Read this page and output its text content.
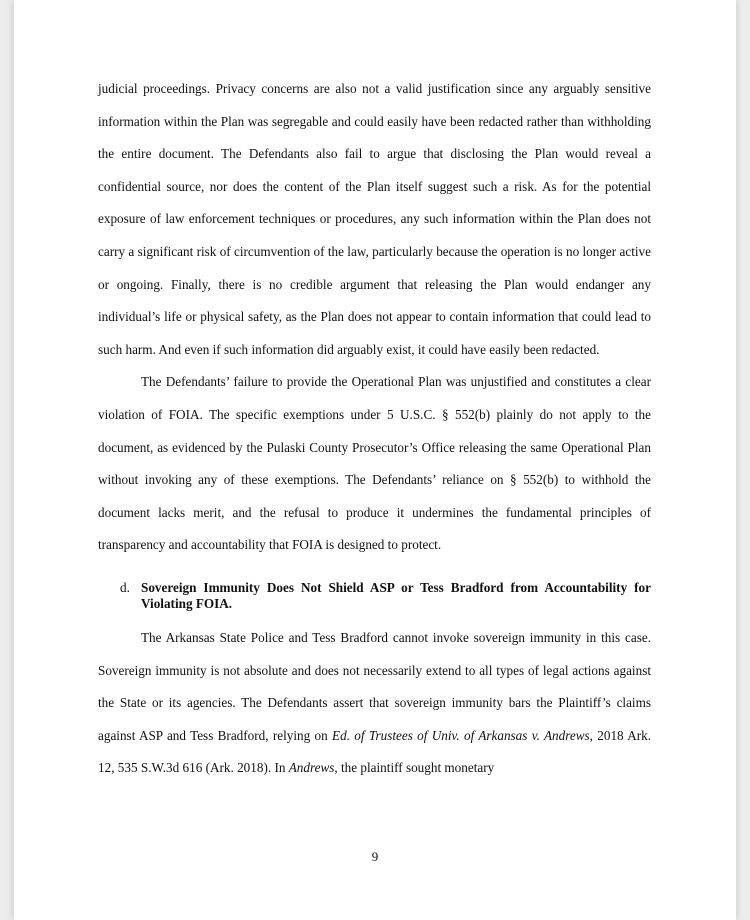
judicial proceedings. Privacy concerns are also not a valid justification since any arguably sensitive information within the Plan was segregable and could easily have been redacted rather than withholding the entire document. The Defendants also fail to argue that disclosing the Plan would reveal a confidential source, nor does the content of the Plan itself suggest such a risk. As for the potential exposure of law enforcement techniques or procedures, any such information within the Plan does not carry a significant risk of circumvention of the law, particularly because the operation is no longer active or ongoing. Finally, there is no credible argument that releasing the Plan would endanger any individual’s life or physical safety, as the Plan does not appear to contain information that could lead to such harm. And even if such information did arguably exist, it could have easily been redacted.

The Defendants’ failure to provide the Operational Plan was unjustified and constitutes a clear violation of FOIA. The specific exemptions under 5 U.S.C. § 552(b) plainly do not apply to the document, as evidenced by the Pulaski County Prosecutor’s Office releasing the same Operational Plan without invoking any of these exemptions. The Defendants’ reliance on § 552(b) to withhold the document lacks merit, and the refusal to produce it undermines the fundamental principles of transparency and accountability that FOIA is designed to protect.

d. Sovereign Immunity Does Not Shield ASP or Tess Bradford from Accountability for Violating FOIA.

The Arkansas State Police and Tess Bradford cannot invoke sovereign immunity in this case. Sovereign immunity is not absolute and does not necessarily extend to all types of legal actions against the State or its agencies. The Defendants assert that sovereign immunity bars the Plaintiff’s claims against ASP and Tess Bradford, relying on Ed. of Trustees of Univ. of Arkansas v. Andrews, 2018 Ark. 12, 535 S.W.3d 616 (Ark. 2018). In Andrews, the plaintiff sought monetary

9
